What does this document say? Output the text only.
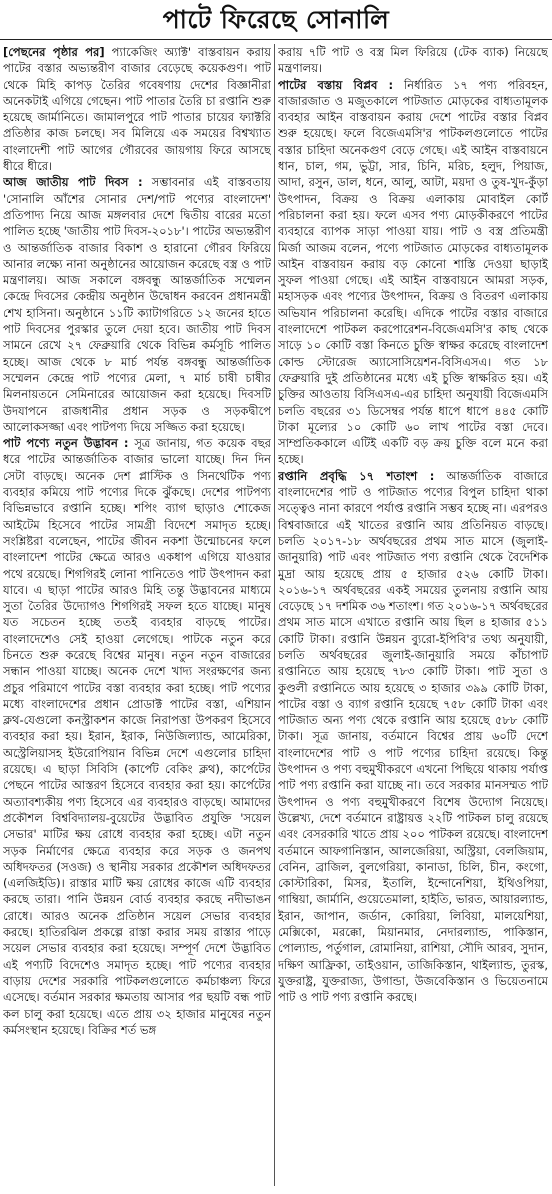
পাটে ফিরেছে সোনালি

[পেছনের পৃষ্ঠার পর] প্যাকেজিং অ্যাক্ট' বাস্তবায়ন করায় পাটের বস্তার অভ্যন্তরীণ বাজার বেড়েছে কয়েকগুণ। পাট থেকে মিহি কাপড় তৈরির গবেষণায় দেশের বিজ্ঞানীরা অনেকটাই এগিয়ে গেছেন। পাট পাতার তৈরি চা রপ্তানি শুরু হয়েছে জার্মানিতে। জামালপুরে পাট পাতার চায়ের ফ্যাক্টরি প্রতিষ্ঠার কাজ চলছে। সব মিলিয়ে এক সময়ের বিশ্বখ্যাত বাংলাদেশী পাট আগের গৌরবের জায়গায় ফিরে আসছে ধীরে ধীরে।

আজ জাতীয় পাট দিবস : সম্ভাবনার এই বাস্তবতায় 'সোনালি আঁশের সোনার দেশ/পাট পণ্যের বাংলাদেশ' প্রতিপাদ্য নিয়ে আজ মঙ্গলবার দেশে দ্বিতীয় বারের মতো পালিত হচ্ছে 'জাতীয় পাট দিবস-২০১৮'। পাটের অভ্যন্তরীণ ও আন্তর্জাতিক বাজার বিকাশ ও হারানো গৌরব ফিরিয়ে আনার লক্ষ্যে নানা অনুষ্ঠানের আয়োজন করেছে বস্ত্র ও পাট মন্ত্রণালয়। আজ সকালে বঙ্গবন্ধু আন্তর্জাতিক সম্মেলন কেন্দ্রে দিবসের কেন্দ্রীয় অনুষ্ঠান উদ্বোধন করবেন প্রধানমন্ত্রী শেখ হাসিনা। অনুষ্ঠানে ১১টি ক্যাটাগরিতে ১২ জনের হাতে পাট দিবসের পুরস্কার তুলে দেয়া হবে। জাতীয় পাট দিবস সামনে রেখে ২৭ ফেব্রুয়ারি থেকে বিভিন্ন কর্মসূচি পালিত হচ্ছে। আজ থেকে ৮ মার্চ পর্যন্ত বঙ্গবন্ধু আন্তর্জাতিক সম্মেলন কেন্দ্রে পাট পণ্যের মেলা, ৭ মার্চ চাষী চাষীর মিলনায়তনে সেমিনারের আয়োজন করা হয়েছে। দিবসটি উদযাপনে রাজধানীর প্রধান সড়ক ও সড়কদ্বীপে আলোকসজ্জা এবং পাটপণ্য দিয়ে সজ্জিত করা হয়েছে।

পাট পণ্যে নতুন উদ্ভাবন : সূত্র জানায়, গত কয়েক বছর ধরে পাটের আন্তর্জাতিক বাজার ভালো যাচ্ছে। দিন দিন সেটা বাড়ছে। অনেক দেশ প্লাস্টিক ও সিনথেটিক পণ্য ব্যবহার কমিয়ে পাট পণ্যের দিকে ঝুঁকছে। দেশের পাটপণ্য বিভিন্নভাবে রপ্তানি হচ্ছে। শপিং ব্যাগ ছাড়াও শোকেজ আইটেম হিসেবে পাটের সামগ্রী বিদেশে সমাদৃত হচ্ছে। সংশ্লিষ্টরা বলেছেন, পাটের জীবন নকশা উন্মোচনের ফলে বাংলাদেশ পাটের ক্ষেত্রে আরও একধাপ এগিয়ে যাওয়ার পথে রয়েছে। শিগগিরই লোনা পানিতেও পাট উৎপাদন করা যাবে। এ ছাড়া পাটের আরও মিহি তন্তু উদ্ভাবনের মাধ্যমে সুতা তৈরির উদ্যোগও শিগগিরই সফল হতে যাচ্ছে। মানুষ যত সচেতন হচ্ছে ততই ব্যবহার বাড়ছে পাটের। বাংলাদেশেও সেই হাওয়া লেগেছে। পাটকে নতুন করে চিনতে শুরু করেছে বিশ্বের মানুষ। নতুন নতুন বাজারের সন্ধান পাওয়া যাচ্ছে। অনেক দেশে খাদ্য সংরক্ষণের জন্য প্রচুর পরিমাণে পাটের বস্তা ব্যবহার করা হচ্ছে। পাট পণ্যের মধ্যে বাংলাদেশের প্রধান প্রোডাক্ট পাটের বস্তা, এশিয়ান ক্লথ-যেগুলো কনস্ট্রাকশন কাজে নিরাপত্তা উপকরণ হিসেবে ব্যবহার করা হয়। ইরান, ইরাক, নিউজিল্যান্ড, আমেরিকা, অস্ট্রেলিয়াসহ ইউরোপিয়ান বিভিন্ন দেশে এগুলোর চাহিদা রয়েছে। এ ছাড়া সিবিসি (কার্পেট বেকিং ক্লথ), কার্পেটের পেছনে পাটের আস্তরণ হিসেবে ব্যবহার করা হয়। কার্পেটের অত্যাবশ্যকীয় পণ্য হিসেবে এর ব্যবহারও বাড়ছে। আমাদের প্রকৌশল বিশ্ববিদ্যালয়-বুয়েটের উদ্ভাবিত প্রযুক্তি 'সয়েল সেভার' মাটির ক্ষয় রোধে ব্যবহার করা হচ্ছে। এটা নতুন সড়ক নির্মাণের ক্ষেত্রে ব্যবহার করে সড়ক ও জনপথ অধিদফতর (সওজ) ও স্থানীয় সরকার প্রকৌশল অধিদফতর (এলজিইডি)। রাস্তার মাটি ক্ষয় রোধের কাজে এটি ব্যবহার করছে তারা। পানি উন্নয়ন বোর্ড ব্যবহার করছে নদীভাঙন রোধে। আরও অনেক প্রতিষ্ঠান সয়েল সেভার ব্যবহার করছে। হাতিরঝিল প্রকল্পে রাস্তা করার সময় রাস্তার পাড়ে সয়েল সেভার ব্যবহার করা হয়েছে। সম্পূর্ণ দেশে উদ্ভাবিত এই পণ্যটি বিদেশেও সমাদৃত হচ্ছে। পাট পণ্যের ব্যবহার বাড়ায় দেশের সরকারি পাটকলগুলোতে কর্মচাঞ্চল্য ফিরে এসেছে। বর্তমান সরকার ক্ষমতায় আসার পর ছয়টি বন্ধ পাট কল চালু করা হয়েছে। এতে প্রায় ৩২ হাজার মানুষের নতুন কর্মসংস্থান হয়েছে। বিক্রির শর্ত ভঙ্গ

করায় ৭টি পাট ও বস্ত্র মিল ফিরিয়ে (টেক ব্যাক) নিয়েছে মন্ত্রণালয়।

পাটের বস্তায় বিপ্লব : নির্ধারিত ১৭ পণ্য পরিবহন, বাজারজাত ও মজুতকালে পাটজাত মোড়কের বাধ্যতামূলক ব্যবহার আইন বাস্তবায়ন করায় দেশে পাটের বস্তার বিপ্লব শুরু হয়েছে। ফলে বিজেএমসি'র পাটকলগুলোতে পাটের বস্তার চাহিদা অনেকগুণ বেড়ে গেছে। এই আইন বাস্তবায়নে ধান, চাল, গম, ভুট্টা, সার, চিনি, মরিচ, হলুদ, পিয়াজ, আদা, রসুন, ডাল, ধনে, আলু, আটা, ময়দা ও তুষ-খুদ-কুঁড়া উৎপাদন, বিক্রয় ও বিক্রয় এলাকায় মোবাইল কোর্ট পরিচালনা করা হয়। ফলে এসব পণ্য মোড়কীকরণে পাটের ব্যবহারে ব্যাপক সাড়া পাওয়া যায়। পাট ও বস্ত্র প্রতিমন্ত্রী মির্জা আজম বলেন, পণ্যে পাটজাত মোড়কের বাধ্যতামূলক আইন বাস্তবায়ন করায় বড় কোনো শাস্তি দেওয়া ছাড়াই সুফল পাওয়া গেছে। এই আইন বাস্তবায়নে আমরা সড়ক, মহাসড়ক এবং পণ্যের উৎপাদন, বিক্রয় ও বিতরণ এলাকায় অভিযান পরিচালনা করেছি। এদিকে পাটের বস্তার বাজারে বাংলাদেশে পাটকল করপোরেশন-বিজেএমসি'র কাছ থেকে সাড়ে ১০ কোটি বস্তা কিনতে চুক্তি স্বাক্ষর করেছে বাংলাদেশ কোল্ড স্টোরেজ অ্যাসোসিয়েশন-বিসিএসএ। গত ১৮ ফেব্রুয়ারি দুই প্রতিষ্ঠানের মধ্যে এই চুক্তি স্বাক্ষরিত হয়। এই চুক্তির আওতায় বিসিএসএ-এর চাহিদা অনুযায়ী বিজেএমসি চলতি বছরের ৩১ ডিসেম্বর পর্যন্ত ধাপে ধাপে ৪৪৫ কোটি টাকা মূল্যের ১০ কোটি ৬০ লাখ পাটের বস্তা দেবে। সাম্প্রতিককালে এটিই একটি বড় ক্রয় চুক্তি বলে মনে করা হচ্ছে।

রপ্তানি প্রবৃদ্ধি ১৭ শতাংশ : আন্তর্জাতিক বাজারে বাংলাদেশের পাট ও পাটজাত পণ্যের বিপুল চাহিদা থাকা সত্ত্বেও নানা কারণে পর্যাপ্ত রপ্তানি সম্ভব হচ্ছে না। এরপরও বিশ্ববাজারে এই খাতের রপ্তানি আয় প্রতিনিয়ত বাড়ছে। চলতি ২০১৭-১৮ অর্থবছরের প্রথম সাত মাসে (জুলাই-জানুয়ারি) পাট এবং পাটজাত পণ্য রপ্তানি থেকে বৈদেশিক মুদ্রা আয় হয়েছে প্রায় ৫ হাজার ৫২৬ কোটি টাকা। ২০১৬-১৭ অর্থবছরের একই সময়ের তুলনায় রপ্তানি আয় বেড়েছে ১৭ দশমিক ৩৬ শতাংশ। গত ২০১৬-১৭ অর্থবছরের প্রথম সাত মাসে এখাতে রপ্তানি আয় ছিল ৪ হাজার ৫১১ কোটি টাকা। রপ্তানি উন্নয়ন ব্যুরো-ইপিবি'র তথ্য অনুযায়ী, চলতি অর্থবছরের জুলাই-জানুয়ারি সময়ে কাঁচাপাট রপ্তানিতে আয় হয়েছে ৭৮৩ কোটি টাকা। পাট সুতা ও কুণ্ডলী রপ্তানিতে আয় হয়েছে ৩ হাজার ৩৯৯ কোটি টাকা, পাটের বস্তা ও ব্যাগ রপ্তানি হয়েছে ৭৫৮ কোটি টাকা এবং পাটজাত অন্য পণ্য থেকে রপ্তানি আয় হয়েছে ৫৮৮ কোটি টাকা। সূত্র জানায়, বর্তমানে বিশ্বের প্রায় ৬০টি দেশে বাংলাদেশের পাট ও পাট পণ্যের চাহিদা রয়েছে। কিন্তু উৎপাদন ও পণ্য বহুমুখীকরণে এখনো পিছিয়ে থাকায় পর্যাপ্ত পাট পণ্য রপ্তানি করা যাচ্ছে না। তবে সরকার মানসম্মত পাট উৎপাদন ও পণ্য বহুমুখীকরণে বিশেষ উদ্যোগ নিয়েছে। উল্লেখ্য, দেশে বর্তমানে রাষ্ট্রায়ত্ত ২২টি পাটকল চালু রয়েছে এবং বেসরকারি খাতে প্রায় ২০০ পাটকল রয়েছে। বাংলাদেশ বর্তমানে আফগানিস্তান, আলজেরিয়া, অস্ট্রিয়া, বেলজিয়াম, বেনিন, ব্রাজিল, বুলগেরিয়া, কানাডা, চিলি, চীন, কংগো, কোস্টারিকা, মিসর, ইতালি, ইন্দোনেশিয়া, ইথিওপিয়া, গাম্বিয়া, জার্মানি, গুয়েতেমালা, হাইতি, ভারত, আয়ারল্যান্ড, ইরান, জাপান, জর্ডান, কোরিয়া, লিবিয়া, মালয়েশিয়া, মেক্সিকো, মরক্কো, মিয়ানমার, নেদারল্যান্ড, পাকিস্তান, পোল্যান্ড, পর্তুগাল, রোমানিয়া, রাশিয়া, সৌদি আরব, সুদান, দক্ষিণ আফ্রিকা, তাইওয়ান, তাজিকিস্তান, থাইল্যান্ড, তুরস্ক, যুক্তরাষ্ট্র, যুক্তরাজ্য, উগান্ডা, উজবেকিস্তান ও ভিয়েতনামে পাট ও পাট পণ্য রপ্তানি করছে।
